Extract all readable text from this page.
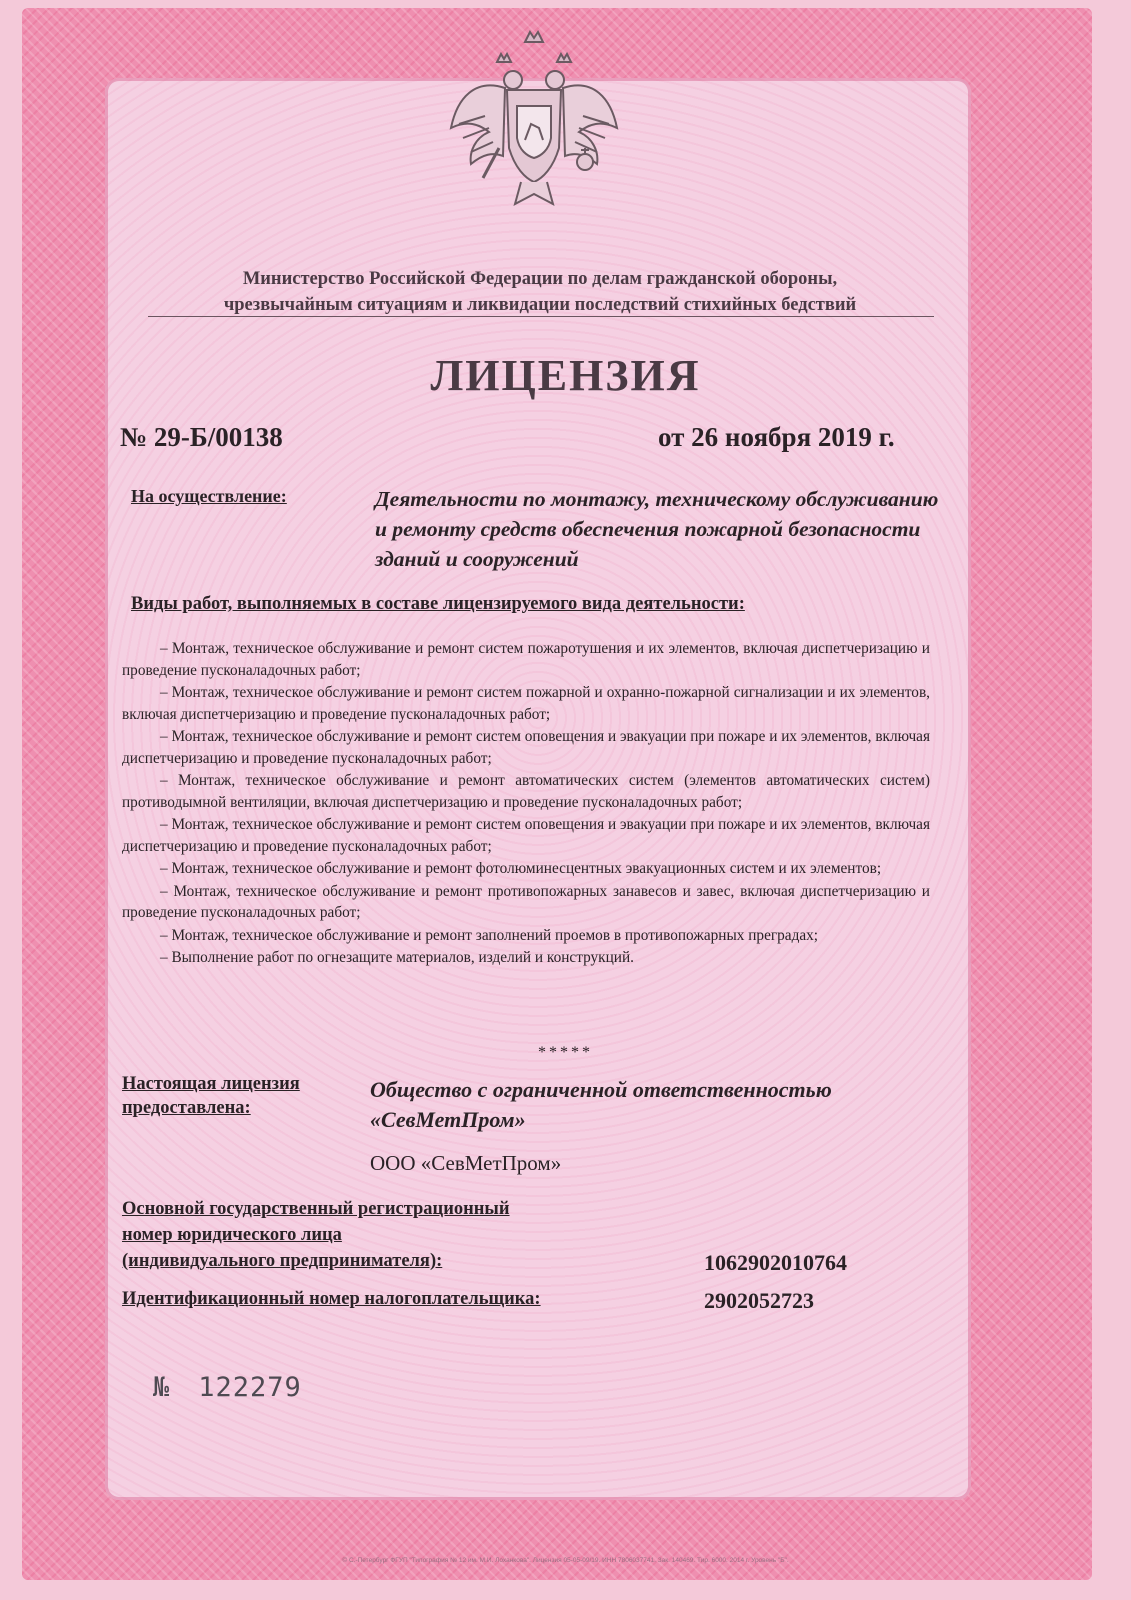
Министерство Российской Федерации по делам гражданской обороны,
чрезвычайным ситуациям и ликвидации последствий стихийных бедствий
ЛИЦЕНЗИЯ
№ 29-Б/00138	от 26 ноября 2019 г.
На осуществление:	Деятельности по монтажу, техническому обслуживанию и ремонту средств обеспечения пожарной безопасности зданий и сооружений
Виды работ, выполняемых в составе лицензируемого вида деятельности:
– Монтаж, техническое обслуживание и ремонт систем пожаротушения и их элементов, включая диспетчеризацию и проведение пусконаладочных работ;
– Монтаж, техническое обслуживание и ремонт систем пожарной и охранно-пожарной сигнализации и их элементов, включая диспетчеризацию и проведение пусконаладочных работ;
– Монтаж, техническое обслуживание и ремонт систем оповещения и эвакуации при пожаре и их элементов, включая диспетчеризацию и проведение пусконаладочных работ;
– Монтаж, техническое обслуживание и ремонт автоматических систем (элементов автоматических систем) противодымной вентиляции, включая диспетчеризацию и проведение пусконаладочных работ;
– Монтаж, техническое обслуживание и ремонт систем оповещения и эвакуации при пожаре и их элементов, включая диспетчеризацию и проведение пусконаладочных работ;
– Монтаж, техническое обслуживание и ремонт фотолюминесцентных эвакуационных систем и их элементов;
– Монтаж, техническое обслуживание и ремонт противопожарных занавесов и завес, включая диспетчеризацию и проведение пусконаладочных работ;
– Монтаж, техническое обслуживание и ремонт заполнений проемов в противопожарных преградах;
– Выполнение работ по огнезащите материалов, изделий и конструкций.
*****
Настоящая лицензия
предоставлена:
Общество с ограниченной ответственностью
«СевМетПром»
ООО «СевМетПром»
Основной государственный регистрационный
номер юридического лица
(индивидуального предпринимателя):	1062902010764
Идентификационный номер налогоплательщика:	2902052723
№ 122279
© С.-Петербург ФГУП "Типография № 12 им. М.И. Лоханкова". Лицензия 05-05-09/19. ИНН 7806037741. Зак. 140469. Тир. 6000. 2014 г. Уровень "Б".
